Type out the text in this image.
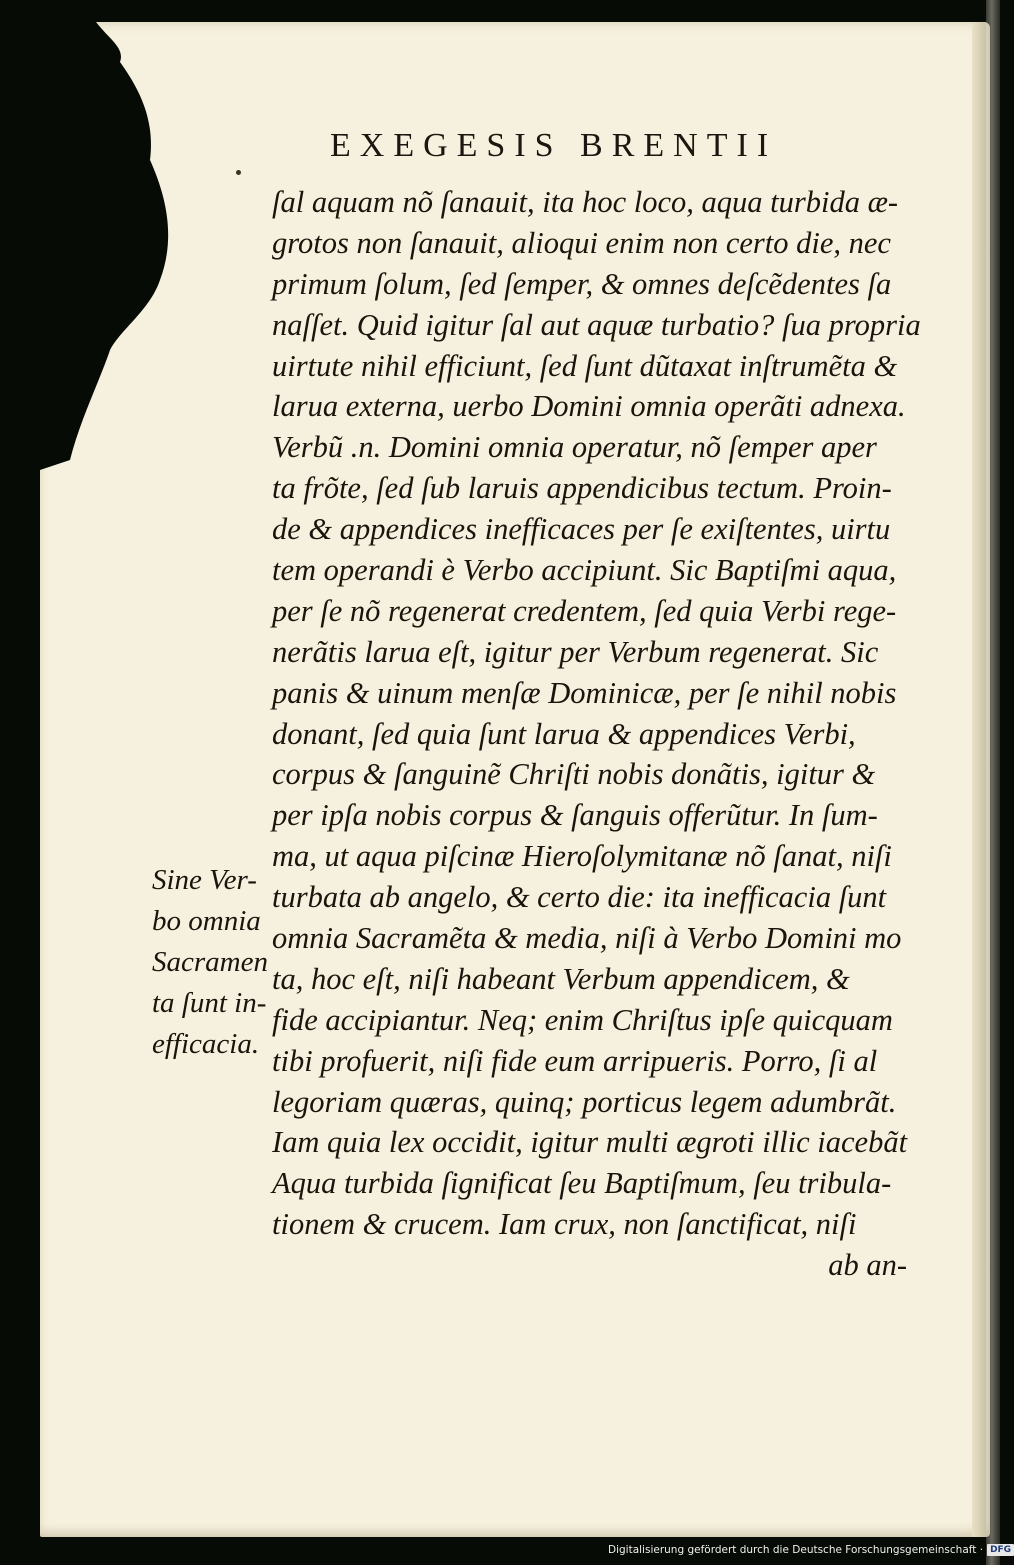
EXEGESIS BRENTII
ſal aquam nõ ſanauit, ita hoc loco, aqua turbida æ-
grotos non ſanauit, alioqui enim non certo die, nec
primum ſolum, ſed ſemper, & omnes deſcẽdentes ſa
naſſet. Quid igitur ſal aut aquæ turbatio? ſua propria
uirtute nihil efficiunt, ſed ſunt dũtaxat inſtrumẽta &
larua externa, uerbo Domini omnia operãti adnexa.
Verbũ .n. Domini omnia operatur, nõ ſemper aper
ta frõte, ſed ſub laruis appendicibus tectum. Proin-
de & appendices inefficaces per ſe exiſtentes, uirtu
tem operandi è Verbo accipiunt. Sic Baptiſmi aqua,
per ſe nõ regenerat credentem, ſed quia Verbi rege-
nerãtis larua eſt, igitur per Verbum regenerat. Sic
panis & uinum menſæ Dominicæ, per ſe nihil nobis
donant, ſed quia ſunt larua & appendices Verbi,
corpus & ſanguinẽ Chriſti nobis donãtis, igitur &
per ipſa nobis corpus & ſanguis offerũtur. In ſum-
ma, ut aqua piſcinæ Hieroſolymitanæ nõ ſanat, niſi
turbata ab angelo, & certo die: ita inefficacia ſunt
omnia Sacramẽta & media, niſi à Verbo Domini mo
ta, hoc eſt, niſi habeant Verbum appendicem, &
fide accipiantur. Neq; enim Chriſtus ipſe quicquam
tibi profuerit, niſi fide eum arripueris. Porro, ſi al
legoriam quæras, quinq; porticus legem adumbrãt.
Iam quia lex occidit, igitur multi ægroti illic iacebãt
Aqua turbida ſignificat ſeu Baptiſmum, ſeu tribula-
tionem & crucem. Iam crux, non ſanctificat, niſi
ab an-
Sine Ver-
bo omnia
Sacramen
ta ſunt in-
efficacia.
Digitalisierung gefördert durch die Deutsche Forschungsgemeinschaft · DFG
